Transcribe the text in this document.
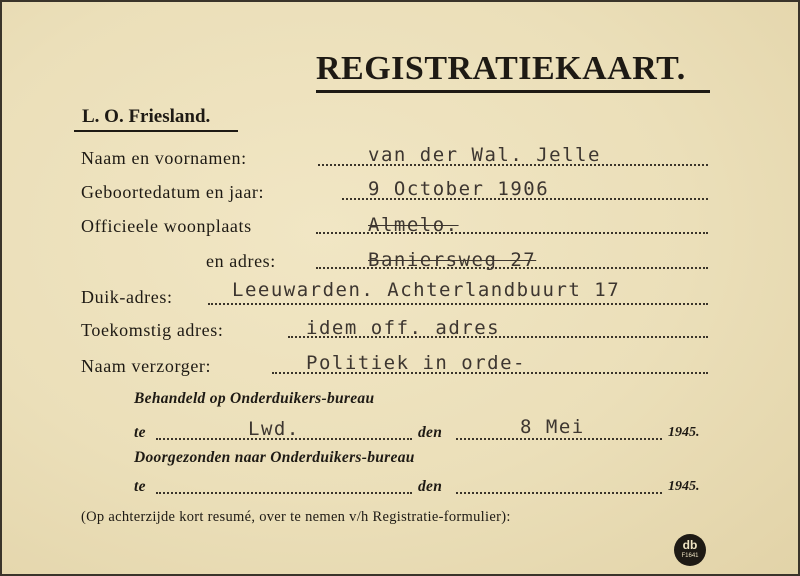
REGISTRATIEKAART.
L. O. Friesland.
Naam en voornamen:	van der Wal. Jelle
Geboortedatum en jaar:	9 October 1906
Officieele woonplaats	Almelo.
en adres:	Baniersweg 27
Duik-adres:	Leeuwarden. Achterlandbuurt 17
Toekomstig adres:	idem off. adres
Naam verzorger:	Politiek in orde-
Behandeld op Onderduikers-bureau
te	Lwd.	den	8 Mei	1945.
Doorgezonden naar Onderduikers-bureau
te	den	1945.
(Op achterzijde kort resumé, over te nemen v/h Registratie-formulier):
db
F1641
